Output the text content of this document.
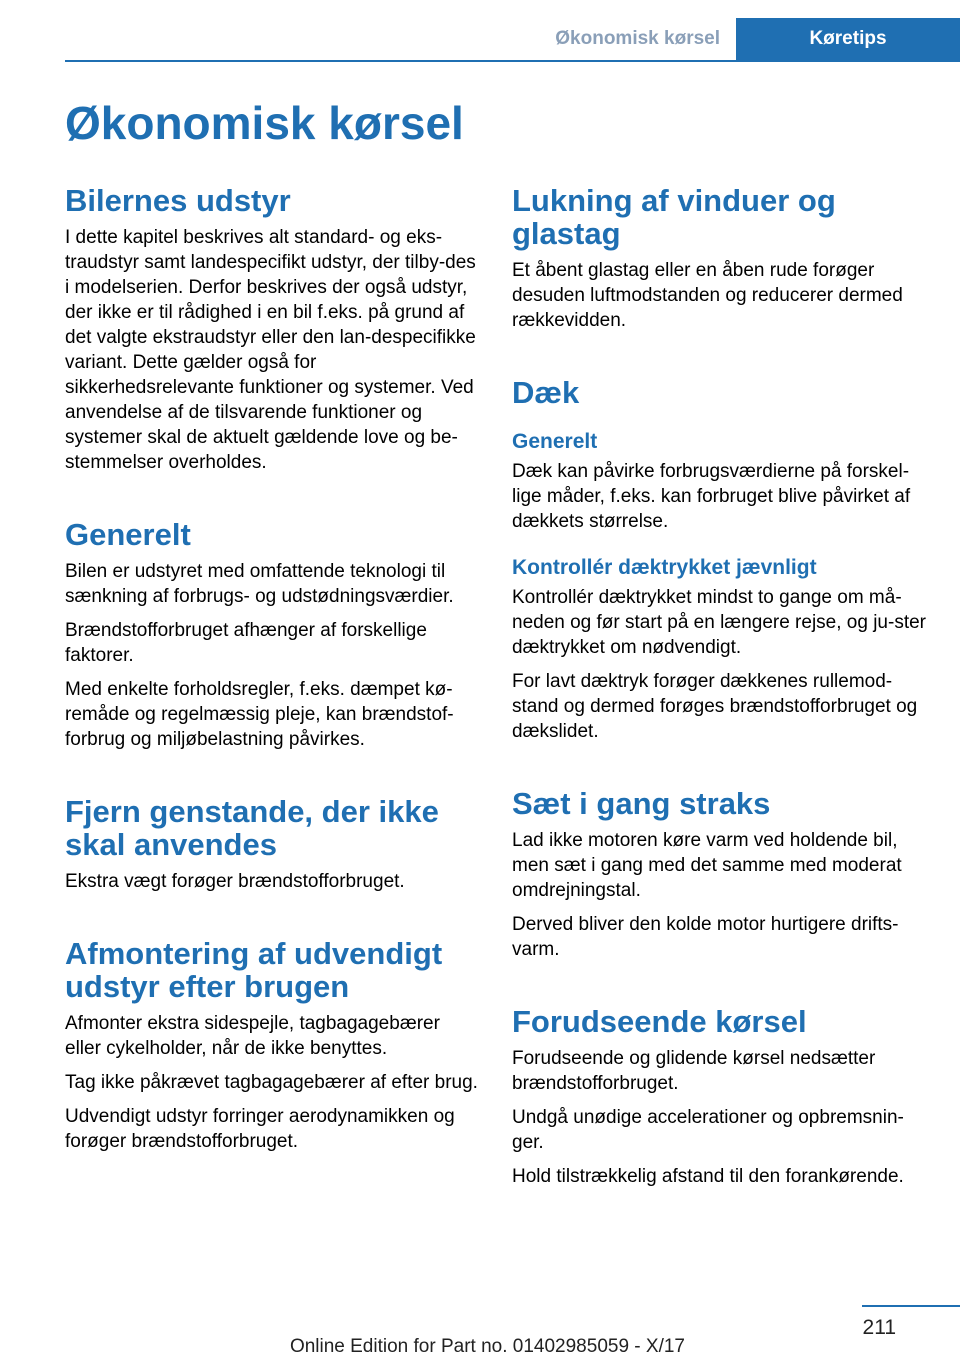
Økonomisk kørsel	Køretips
Økonomisk kørsel
Bilernes udstyr

I dette kapitel beskrives alt standard- og eks-traudstyr samt landespecifikt udstyr, der tilby-des i modelserien. Derfor beskrives der også udstyr, der ikke er til rådighed i en bil f.eks. på grund af det valgte ekstraudstyr eller den lan-despecifikke variant. Dette gælder også for sikkerhedsrelevante funktioner og systemer. Ved anvendelse af de tilsvarende funktioner og systemer skal de aktuelt gældende love og be-stemmelser overholdes.

Generelt

Bilen er udstyret med omfattende teknologi til sænkning af forbrugs- og udstødningsværdier.

Brændstofforbruget afhænger af forskellige faktorer.

Med enkelte forholdsregler, f.eks. dæmpet kø-remåde og regelmæssig pleje, kan brændstof-forbrug og miljøbelastning påvirkes.

Fjern genstande, der ikke skal anvendes

Ekstra vægt forøger brændstofforbruget.

Afmontering af udvendigt udstyr efter brugen

Afmonter ekstra sidespejle, tagbagagebærer eller cykelholder, når de ikke benyttes.

Tag ikke påkrævet tagbagagebærer af efter brug.

Udvendigt udstyr forringer aerodynamikken og forøger brændstofforbruget.

Lukning af vinduer og glastag

Et åbent glastag eller en åben rude forøger desuden luftmodstanden og reducerer dermed rækkevidden.

Dæk
Generelt

Dæk kan påvirke forbrugsværdierne på forskel-lige måder, f.eks. kan forbruget blive påvirket af dækkets størrelse.

Kontrollér dæktrykket jævnligt

Kontrollér dæktrykket mindst to gange om må-neden og før start på en længere rejse, og ju-ster dæktrykket om nødvendigt.

For lavt dæktryk forøger dækkenes rullemod-stand og dermed forøges brændstofforbruget og dækslidet.

Sæt i gang straks

Lad ikke motoren køre varm ved holdende bil, men sæt i gang med det samme med moderat omdrejningstal.

Derved bliver den kolde motor hurtigere drifts-varm.

Forudseende kørsel

Forudseende og glidende kørsel nedsætter brændstofforbruget.

Undgå unødige accelerationer og opbremsnin-ger.

Hold tilstrækkelig afstand til den forankørende.

211
Online Edition for Part no. 01402985059 - X/17
